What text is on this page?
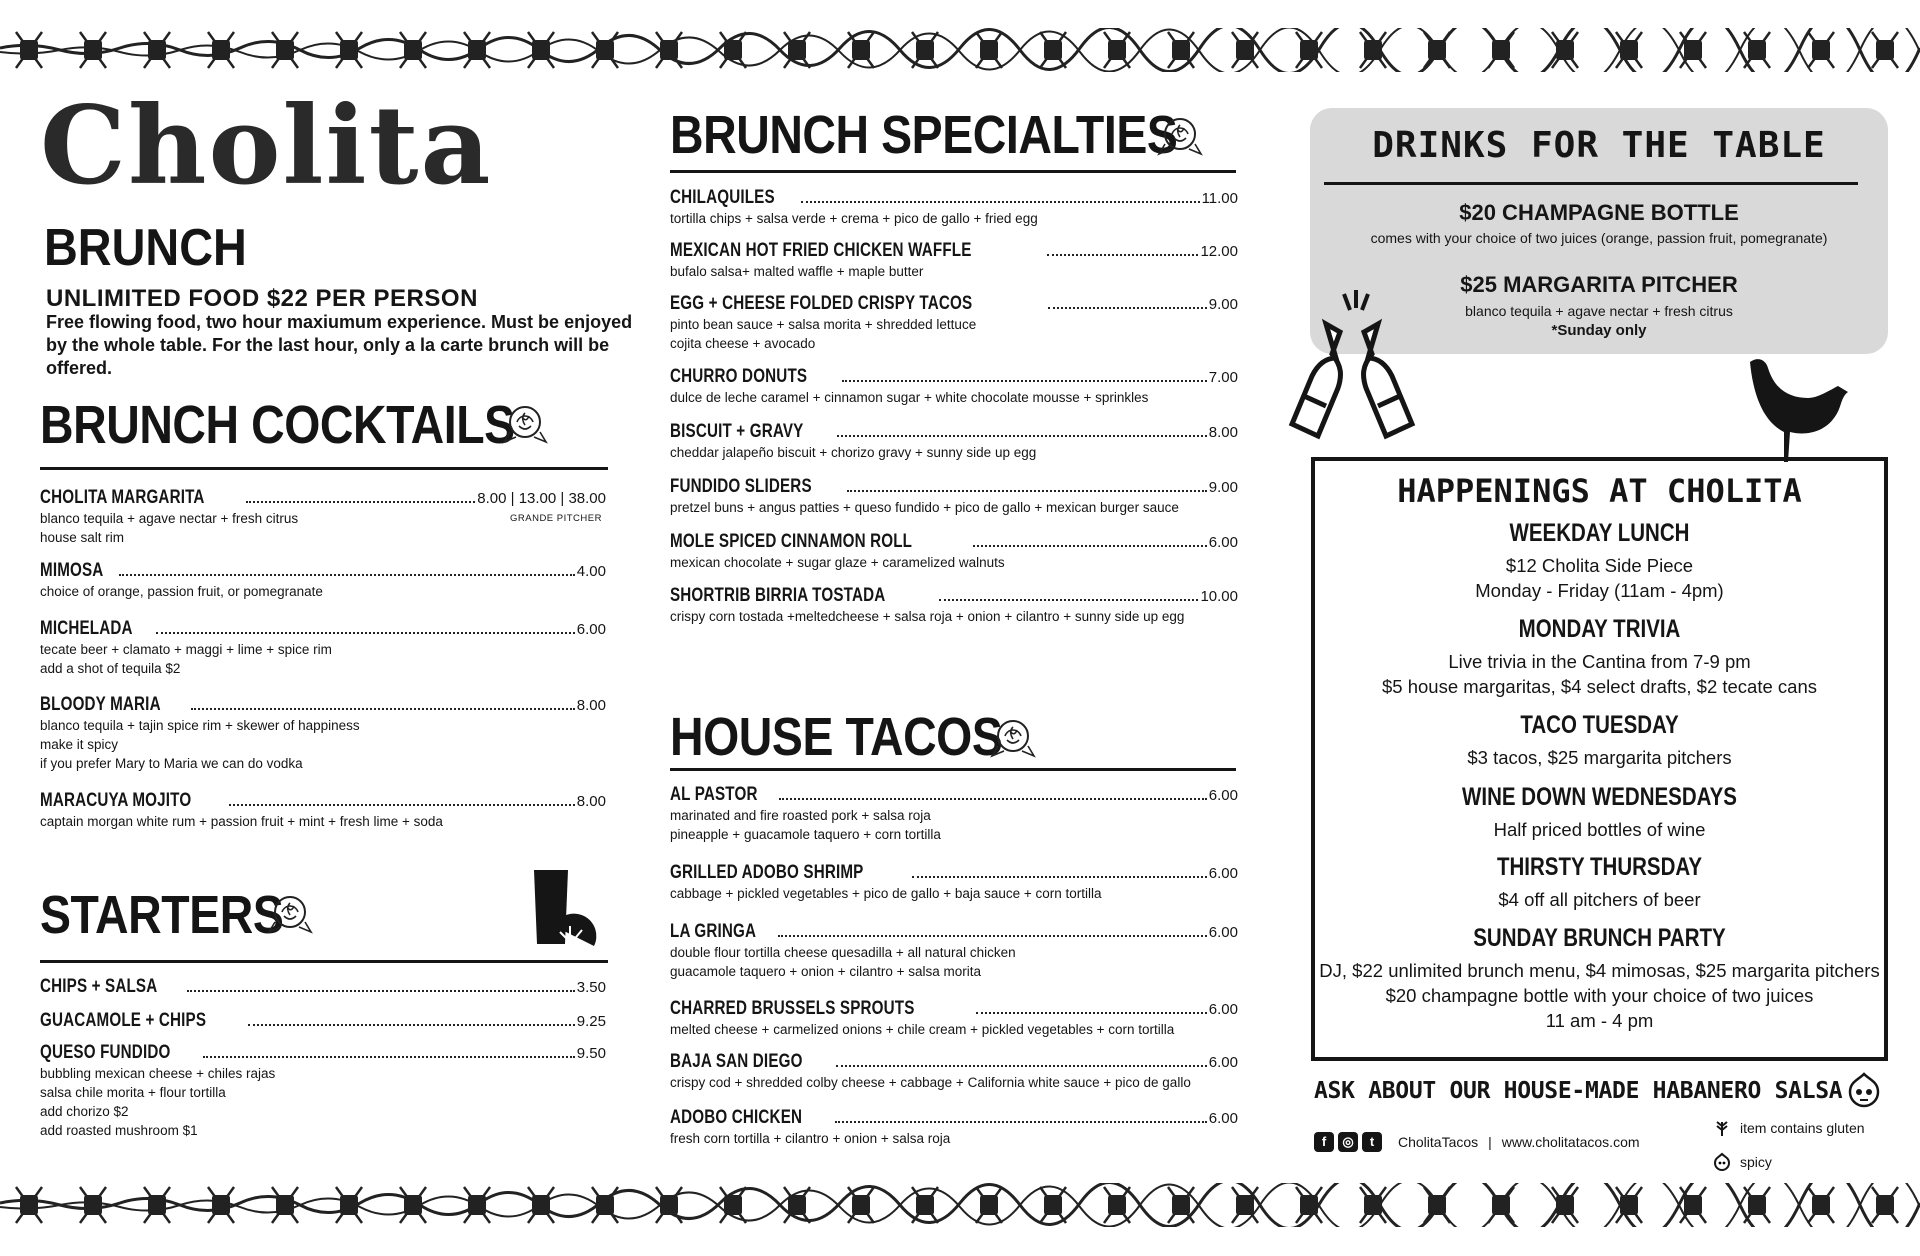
Cholita
BRUNCH
UNLIMITED FOOD $22 PER PERSON
Free flowing food, two hour maxiumum experience. Must be enjoyed by the whole table. For the last hour, only a la carte brunch will be offered.
BRUNCH COCKTAILS
CHOLITA MARGARITA	8.00 | 13.00 | 38.00
blanco tequila + agave nectar + fresh citrus
house salt rim
MIMOSA	4.00
choice of orange, passion fruit, or pomegranate
MICHELADA	6.00
tecate beer + clamato + maggi + lime + spice rim
add a shot of tequila $2
BLOODY MARIA	8.00
blanco tequila + tajin spice rim + skewer of happiness
make it spicy
if you prefer Mary to Maria we can do vodka
MARACUYA MOJITO	8.00
captain morgan white rum + passion fruit + mint + fresh lime + soda
GRANDE PITCHER
STARTERS
CHIPS + SALSA	3.50
GUACAMOLE + CHIPS	9.25
QUESO FUNDIDO	9.50
bubbling mexican cheese + chiles rajas
salsa chile morita + flour tortilla
add chorizo $2
add roasted mushroom $1
BRUNCH SPECIALTIES
CHILAQUILES	11.00
tortilla chips + salsa verde + crema + pico de gallo + fried egg
MEXICAN HOT FRIED CHICKEN WAFFLE	12.00
bufalo salsa+ malted waffle + maple butter
EGG + CHEESE FOLDED CRISPY TACOS	9.00
pinto bean sauce + salsa morita + shredded lettuce
cojita cheese + avocado
CHURRO DONUTS	7.00
dulce de leche caramel + cinnamon sugar + white chocolate mousse + sprinkles
BISCUIT + GRAVY	8.00
cheddar jalapeño biscuit + chorizo gravy + sunny side up egg
FUNDIDO SLIDERS	9.00
pretzel buns + angus patties + queso fundido + pico de gallo + mexican burger sauce
MOLE SPICED CINNAMON ROLL	6.00
mexican chocolate + sugar glaze + caramelized walnuts
SHORTRIB BIRRIA TOSTADA	10.00
crispy corn tostada +meltedcheese + salsa roja + onion + cilantro + sunny side up egg
HOUSE TACOS
AL PASTOR	6.00
marinated and fire roasted pork + salsa roja
pineapple + guacamole taquero + corn tortilla
GRILLED ADOBO SHRIMP	6.00
cabbage + pickled vegetables + pico de gallo + baja sauce + corn tortilla
LA GRINGA	6.00
double flour tortilla cheese quesadilla + all natural chicken
guacamole taquero + onion + cilantro + salsa morita
CHARRED BRUSSELS SPROUTS	6.00
melted cheese + carmelized onions + chile cream + pickled vegetables + corn tortilla
BAJA SAN DIEGO	6.00
crispy cod + shredded colby cheese + cabbage + California white sauce + pico de gallo
ADOBO CHICKEN	6.00
fresh corn tortilla + cilantro + onion + salsa roja
DRINKS FOR THE TABLE
$20 CHAMPAGNE BOTTLE
comes with your choice of two juices (orange, passion fruit, pomegranate)
$25 MARGARITA PITCHER
blanco tequila + agave nectar + fresh citrus
*Sunday only
HAPPENINGS AT CHOLITA
WEEKDAY LUNCH
$12 Cholita Side Piece
Monday - Friday (11am - 4pm)
MONDAY TRIVIA
Live trivia in the Cantina from 7-9 pm
$5 house margaritas, $4 select drafts, $2 tecate cans
TACO TUESDAY
$3 tacos, $25 margarita pitchers
WINE DOWN WEDNESDAYS
Half priced bottles of wine
THIRSTY THURSDAY
$4 off all pitchers of beer
SUNDAY BRUNCH PARTY
DJ, $22 unlimited brunch menu, $4 mimosas, $25 margarita pitchers
$20 champagne bottle with your choice of two juices
11 am - 4 pm
ASK ABOUT OUR HOUSE-MADE HABANERO SALSA
f	◎	t	CholitaTacos | www.cholitatacos.com
item contains gluten
spicy
